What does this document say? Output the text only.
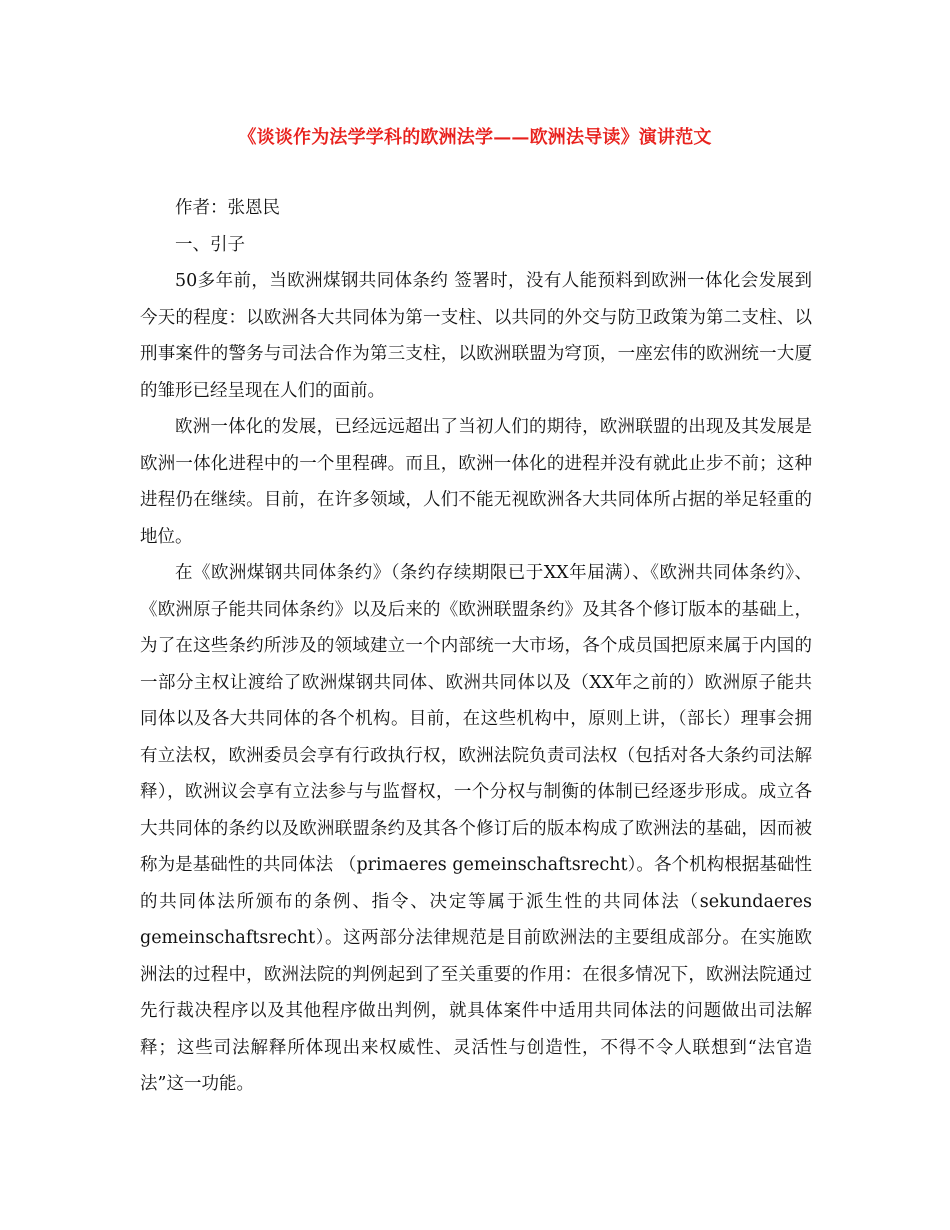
《谈谈作为法学学科的欧洲法学——欧洲法导读》演讲范文

作者：张恩民

一、引子

50多年前，当欧洲煤钢共同体条约 签署时，没有人能预料到欧洲一体化会发展到今天的程度：以欧洲各大共同体为第一支柱、以共同的外交与防卫政策为第二支柱、以刑事案件的警务与司法合作为第三支柱，以欧洲联盟为穹顶，一座宏伟的欧洲统一大厦的雏形已经呈现在人们的面前。

欧洲一体化的发展，已经远远超出了当初人们的期待，欧洲联盟的出现及其发展是欧洲一体化进程中的一个里程碑。而且，欧洲一体化的进程并没有就此止步不前；这种进程仍在继续。目前，在许多领域，人们不能无视欧洲各大共同体所占据的举足轻重的地位。

在《欧洲煤钢共同体条约》（条约存续期限已于XX年届满）、《欧洲共同体条约》、《欧洲原子能共同体条约》以及后来的《欧洲联盟条约》及其各个修订版本的基础上，为了在这些条约所涉及的领域建立一个内部统一大市场，各个成员国把原来属于内国的一部分主权让渡给了欧洲煤钢共同体、欧洲共同体以及（XX年之前的）欧洲原子能共同体以及各大共同体的各个机构。目前，在这些机构中，原则上讲，（部长）理事会拥有立法权，欧洲委员会享有行政执行权，欧洲法院负责司法权（包括对各大条约司法解释），欧洲议会享有立法参与与监督权，一个分权与制衡的体制已经逐步形成。成立各大共同体的条约以及欧洲联盟条约及其各个修订后的版本构成了欧洲法的基础，因而被称为是基础性的共同体法 （primaeres gemeinschaftsrecht）。各个机构根据基础性的共同体法所颁布的条例、指令、决定等属于派生性的共同体法（sekundaeres gemeinschaftsrecht）。这两部分法律规范是目前欧洲法的主要组成部分。在实施欧洲法的过程中，欧洲法院的判例起到了至关重要的作用：在很多情况下，欧洲法院通过先行裁决程序以及其他程序做出判例，就具体案件中适用共同体法的问题做出司法解释；这些司法解释所体现出来权威性、灵活性与创造性，不得不令人联想到“法官造法”这一功能。
